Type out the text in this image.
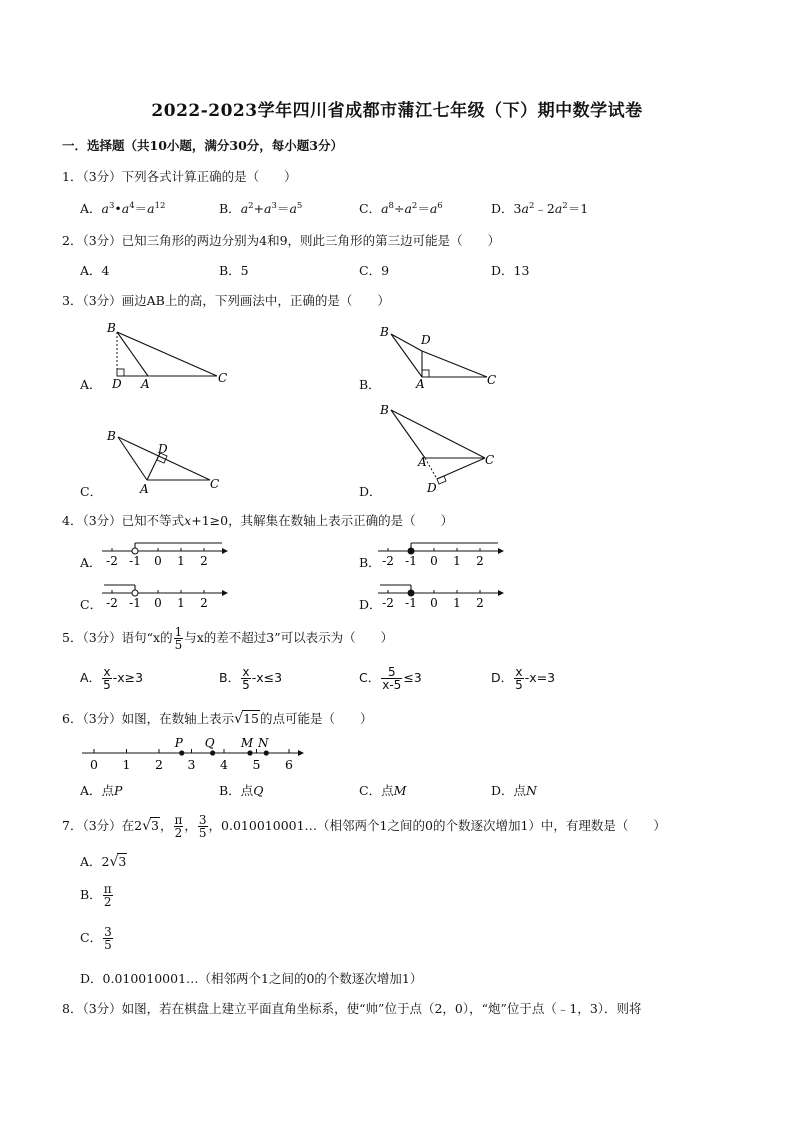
2022-2023学年四川省成都市蒲江七年级（下）期中数学试卷
一．选择题（共10小题，满分30分，每小题3分）
1．（3分）下列各式计算正确的是（　　）
A．$a^3•a^4=a^{12}$	B．$a^2+a^3=a^5$	C．$a^8\div a^2=a^6$	D．$3a^2﹣2a^2=1$
2．（3分）已知三角形的两边分别为4和9，则此三角形的第三边可能是（　　）
A．4	B．5	C．9	D．13
3．（3分）画边AB上的高，下列画法中，正确的是（　　）
A．	B．
C．	D．
B
D A	C
B
D
A	C
B
D
A	C
B
A	C
D
4．（3分）已知不等式x+1≥0，其解集在数轴上表示正确的是（　　）
A．	B．
C．	D．
-2 -1 0 1 2	-2 -1 0 1 2
-2 -1 0 1 2	-2 -1 0 1 2
5．（3分）语句“x的 $\frac{1}{5}$ 与x的差不超过3”可以表示为（　　）
A． $\frac{x}{5} -x\ge 3$	B． $\frac{x}{5} -x\le 3$	C． $\frac{5}{x-5} \le 3$	D． $\frac{x}{5} -x=3$
6．（3分）如图，在数轴上表示√15的点可能是（　　）
0 1 2 3 4 5 6
P Q M N
A．点P	B．点Q	C．点M	D．点N
7．（3分）在2√3， $\frac{\pi}{2}$ ， $\frac{3}{5}$ ，0.010010001…（相邻两个1之间的0的个数逐次增加1）中，有理数是（　　）
A．2√3
B． $\frac{\pi}{2}$
C． $\frac{3}{5}$
D．0.010010001…（相邻两个1之间的0的个数逐次增加1）
8．（3分）如图，若在棋盘上建立平面直角坐标系，使“帅”位于点（2，0），“炮”位于点（﹣1，3）．则将
